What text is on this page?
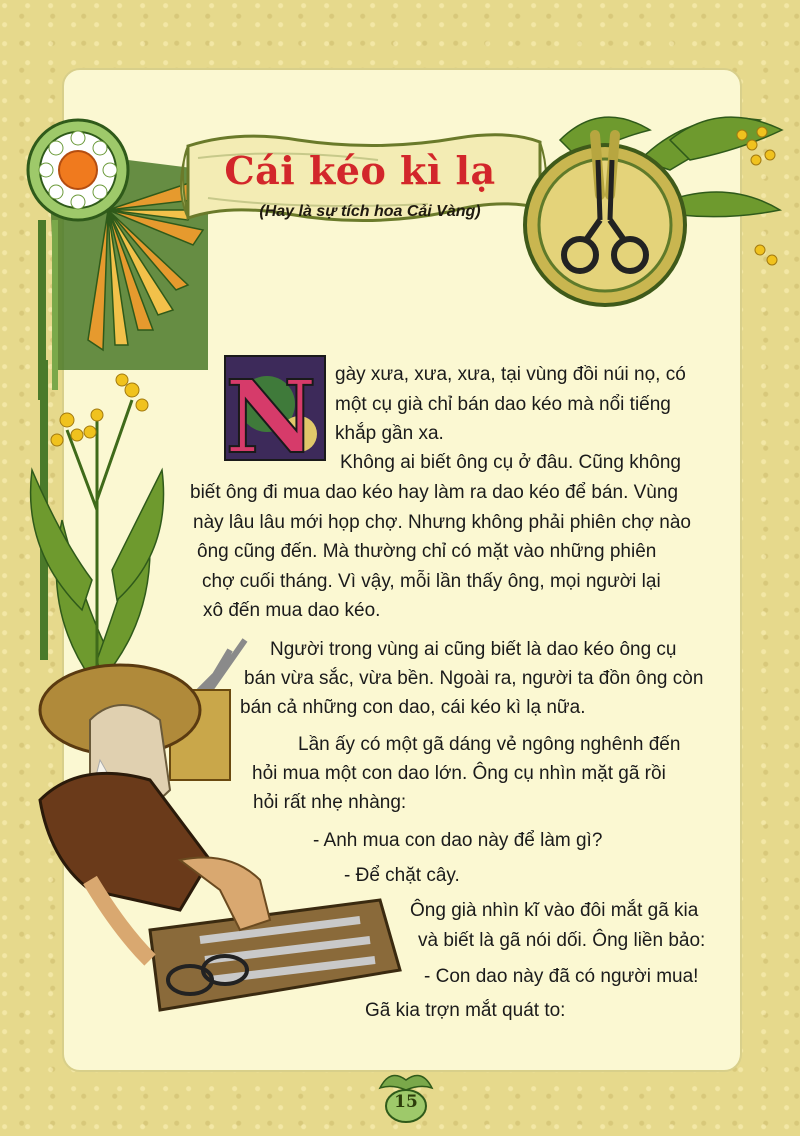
Cái kéo kì lạ
(Hay là sự tích hoa Cải Vàng)
N gày xưa, xưa, xưa, tại vùng đồi núi nọ, có
một cụ già chỉ bán dao kéo mà nổi tiếng
khắp gần xa.
Không ai biết ông cụ ở đâu. Cũng không
biết ông đi mua dao kéo hay làm ra dao kéo để bán. Vùng
này lâu lâu mới họp chợ. Nhưng không phải phiên chợ nào
ông cũng đến. Mà thường chỉ có mặt vào những phiên
chợ cuối tháng. Vì vậy, mỗi lần thấy ông, mọi người lại
xô đến mua dao kéo.
Người trong vùng ai cũng biết là dao kéo ông cụ
bán vừa sắc, vừa bền. Ngoài ra, người ta đồn ông còn
bán cả những con dao, cái kéo kì lạ nữa.
Lần ấy có một gã dáng vẻ ngông nghênh đến
hỏi mua một con dao lớn. Ông cụ nhìn mặt gã rồi
hỏi rất nhẹ nhàng:
- Anh mua con dao này để làm gì?
- Để chặt cây.
Ông già nhìn kĩ vào đôi mắt gã kia
và biết là gã nói dối. Ông liền bảo:
- Con dao này đã có người mua!
Gã kia trợn mắt quát to:
15
